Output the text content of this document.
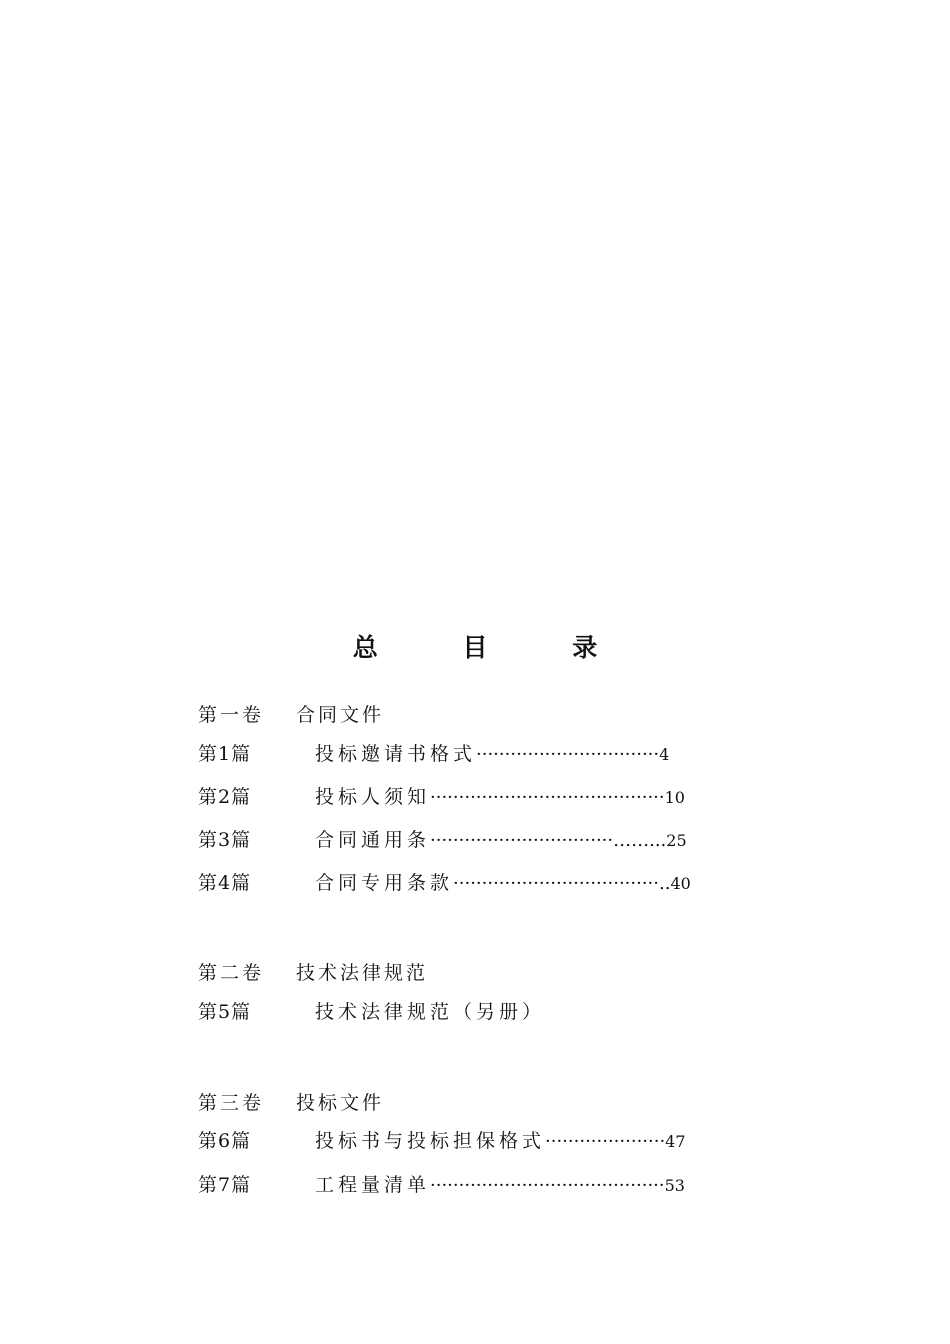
总 目 录
第一卷 合同文件
第1篇	投标邀请书格式································4
第2篇	投标人须知·········································10
第3篇	合同通用条································……...25
第4篇	合同专用条款····································..40
第二卷 技术法律规范
第5篇	技术法律规范（另册）
第三卷 投标文件
第6篇	投标书与投标担保格式·····················47
第7篇	工程量清单·········································53
